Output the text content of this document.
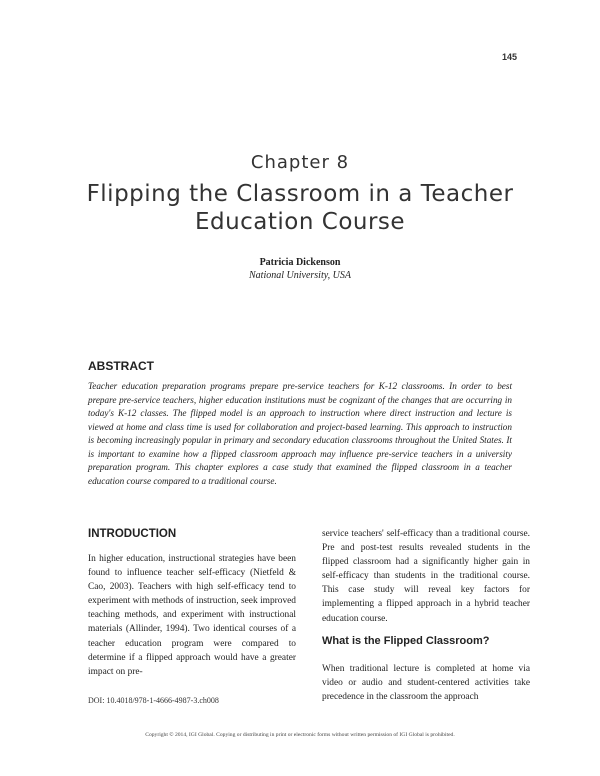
145
Chapter 8
Flipping the Classroom in a Teacher Education Course
Patricia Dickenson
National University, USA
ABSTRACT

Teacher education preparation programs prepare pre-service teachers for K-12 classrooms. In order to best prepare pre-service teachers, higher education institutions must be cognizant of the changes that are occurring in today's K-12 classes. The flipped model is an approach to instruction where direct instruction and lecture is viewed at home and class time is used for collaboration and project-based learning. This approach to instruction is becoming increasingly popular in primary and secondary education classrooms throughout the United States. It is important to examine how a flipped classroom approach may influence pre-service teachers in a university preparation program. This chapter explores a case study that examined the flipped classroom in a teacher education course compared to a traditional course.

INTRODUCTION

In higher education, instructional strategies have been found to influence teacher self-efficacy (Nietfeld & Cao, 2003). Teachers with high self-efficacy tend to experiment with methods of instruction, seek improved teaching methods, and experiment with instructional materials (Allinder, 1994). Two identical courses of a teacher education program were compared to determine if a flipped approach would have a greater impact on pre-

service teachers' self-efficacy than a traditional course. Pre and post-test results revealed students in the flipped classroom had a significantly higher gain in self-efficacy than students in the traditional course. This case study will reveal key factors for implementing a flipped approach in a hybrid teacher education course.

What is the Flipped Classroom?

When traditional lecture is completed at home via video or audio and student-centered activities take precedence in the classroom the approach

DOI: 10.4018/978-1-4666-4987-3.ch008
Copyright © 2014, IGI Global. Copying or distributing in print or electronic forms without written permission of IGI Global is prohibited.
